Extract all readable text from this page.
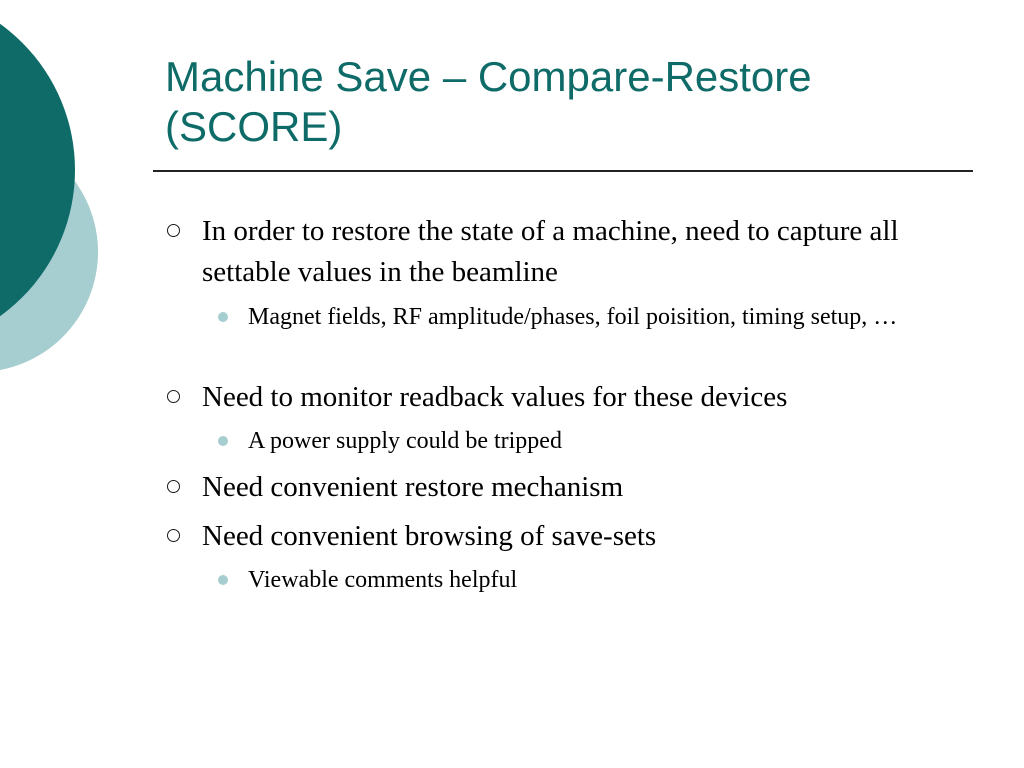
Machine Save – Compare-Restore (SCORE)
In order to restore the state of a machine, need to capture all settable values in the beamline
Magnet fields, RF amplitude/phases, foil poisition, timing setup, …
Need to monitor readback values for these devices
A power supply could be tripped
Need convenient restore mechanism
Need convenient browsing of save-sets
Viewable comments helpful
